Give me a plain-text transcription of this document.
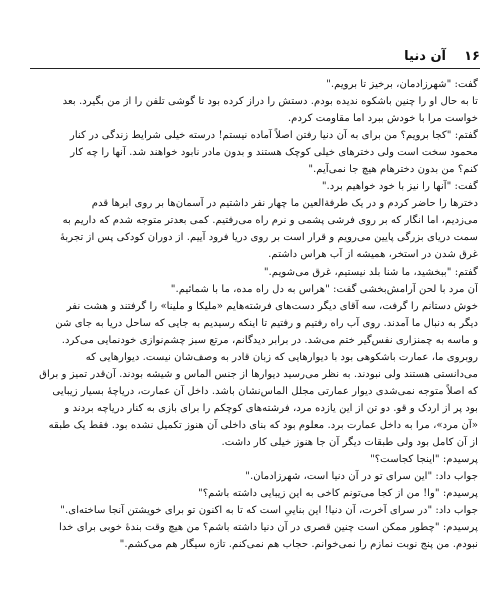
۱۶    آن دنیا
گفت: "شهرزادمان، برخیز تا برویم."
تا به حال او را چنین باشکوه ندیده بودم. دستش را دراز کرده بود تا گوشی تلفن را از من بگیرد. بعد
خواست مرا با خودش ببرد اما مقاومت کردم.
گفتم: "کجا برویم؟ من برای به آن دنیا رفتن اصلاً آماده نیستم! درسته خیلی شرایط زندگی در کنار
محمود سخت است ولی دخترهای خیلی کوچک هستند و بدون مادر نابود خواهند شد. آنها را چه کار
کنم؟ من بدون دخترهام هیچ جا نمی‌آیم."
گفت: "آنها را نیز با خود خواهیم برد."
دخترها را حاضر کردم و در یک طرفةالعین ما چهار نفر داشتیم در آسمان‌ها بر روی ابرها قدم
می‌زدیم، اما انگار که بر روی فرشی پشمی و نرم راه می‌رفتیم. کمی بعدتر متوجه شدم که داریم به
سمت دریای بزرگی پایین می‌رویم و قرار است بر روی دریا فرود آییم. از دوران کودکی پس از تجربهٔ
غرق شدن در استخر، همیشه از آب هراس داشتم.
گفتم: "ببخشید، ما شنا بلد نیستیم، غرق می‌شویم."
آن مرد با لحن آرامش‌بخشی گفت: "هراس به دل راه مده، ما با شمائیم."
خوش دستانم را گرفت، سه آقای دیگر دست‌های فرشته‌هایم «ملیکا و ملینا» را گرفتند و هشت نفر
دیگر به دنبال ما آمدند. روی آب راه رفتیم و رفتیم تا اینکه رسیدیم به جایی که ساحل دریا به جای شن
و ماسه به چمنزاری نفس‌گیر ختم می‌شد. در برابر دیدگانم، مرتع سبز چشم‌نوازی خودنمایی می‌کرد.
روبروی ما، عمارت باشکوهی بود با دیوارهایی که زبان قادر به وصف‌شان نیست. دیوارهایی که
می‌دانستی هستند ولی نبودند. به نظر می‌رسید دیوارها از جنس الماس و شیشه بودند. آن‌قدر تمیز و براق
که اصلاً متوجه نمی‌شدی دیوار عمارتی مجلل الماس‌نشان باشد. داخل آن عمارت، دریاچهٔ بسیار زیبایی
بود پر از اردک و قو. دو تن از این یازده مرد، فرشته‌های کوچکم را برای بازی به کنار دریاچه بردند و
«آن مرد»، مرا به داخل عمارت برد. معلوم بود که بنای داخلی آن هنوز تکمیل نشده بود. فقط یک طبقه
از آن کامل بود ولی طبقات دیگر آن جا هنوز خیلی کار داشت.
پرسیدم: "اینجا کجاست؟"
جواب داد: "این سرای تو در آن دنیا است، شهرزادمان."
پرسیدم: "وا! من از کجا می‌تونم کاخی به این زیبایی داشته باشم؟"
جواب داد: "در سرای آخرت، آن دنیا! این بناییِ است که تا به اکنون تو برای خویشتن آنجا ساخته‌ای."
پرسیدم: "چطور ممکن است چنین قصری در آن دنیا داشته باشم؟ من هیچ وقت بندهٔ خوبی برای خدا
نبودم. من پنج نوبت نمازم را نمی‌خوانم. حجاب هم نمی‌کنم. تازه سیگار هم می‌کشم."
